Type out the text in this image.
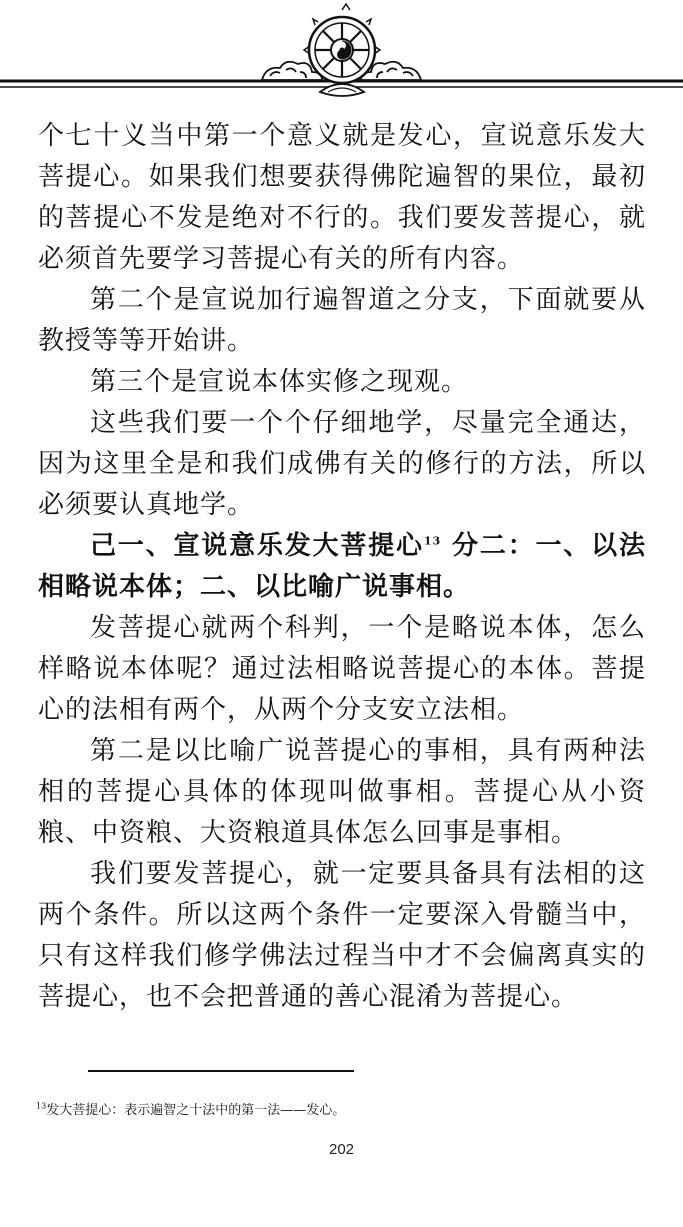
个七十义当中第一个意义就是发心，宣说意乐发大菩提心。如果我们想要获得佛陀遍智的果位，最初的菩提心不发是绝对不行的。我们要发菩提心，就必须首先要学习菩提心有关的所有内容。

第二个是宣说加行遍智道之分支，下面就要从教授等等开始讲。

第三个是宣说本体实修之现观。

这些我们要一个个仔细地学，尽量完全通达，因为这里全是和我们成佛有关的修行的方法，所以必须要认真地学。

己一、宣说意乐发大菩提心$^{13}$ 分二：一、以法相略说本体；二、以比喻广说事相。

发菩提心就两个科判，一个是略说本体，怎么样略说本体呢？通过法相略说菩提心的本体。菩提心的法相有两个，从两个分支安立法相。

第二是以比喻广说菩提心的事相，具有两种法相的菩提心具体的体现叫做事相。菩提心从小资粮、中资粮、大资粮道具体怎么回事是事相。

我们要发菩提心，就一定要具备具有法相的这两个条件。所以这两个条件一定要深入骨髓当中，只有这样我们修学佛法过程当中才不会偏离真实的菩提心，也不会把普通的善心混淆为菩提心。

$^{13}$发大菩提心：表示遍智之十法中的第一法——发心。
202
